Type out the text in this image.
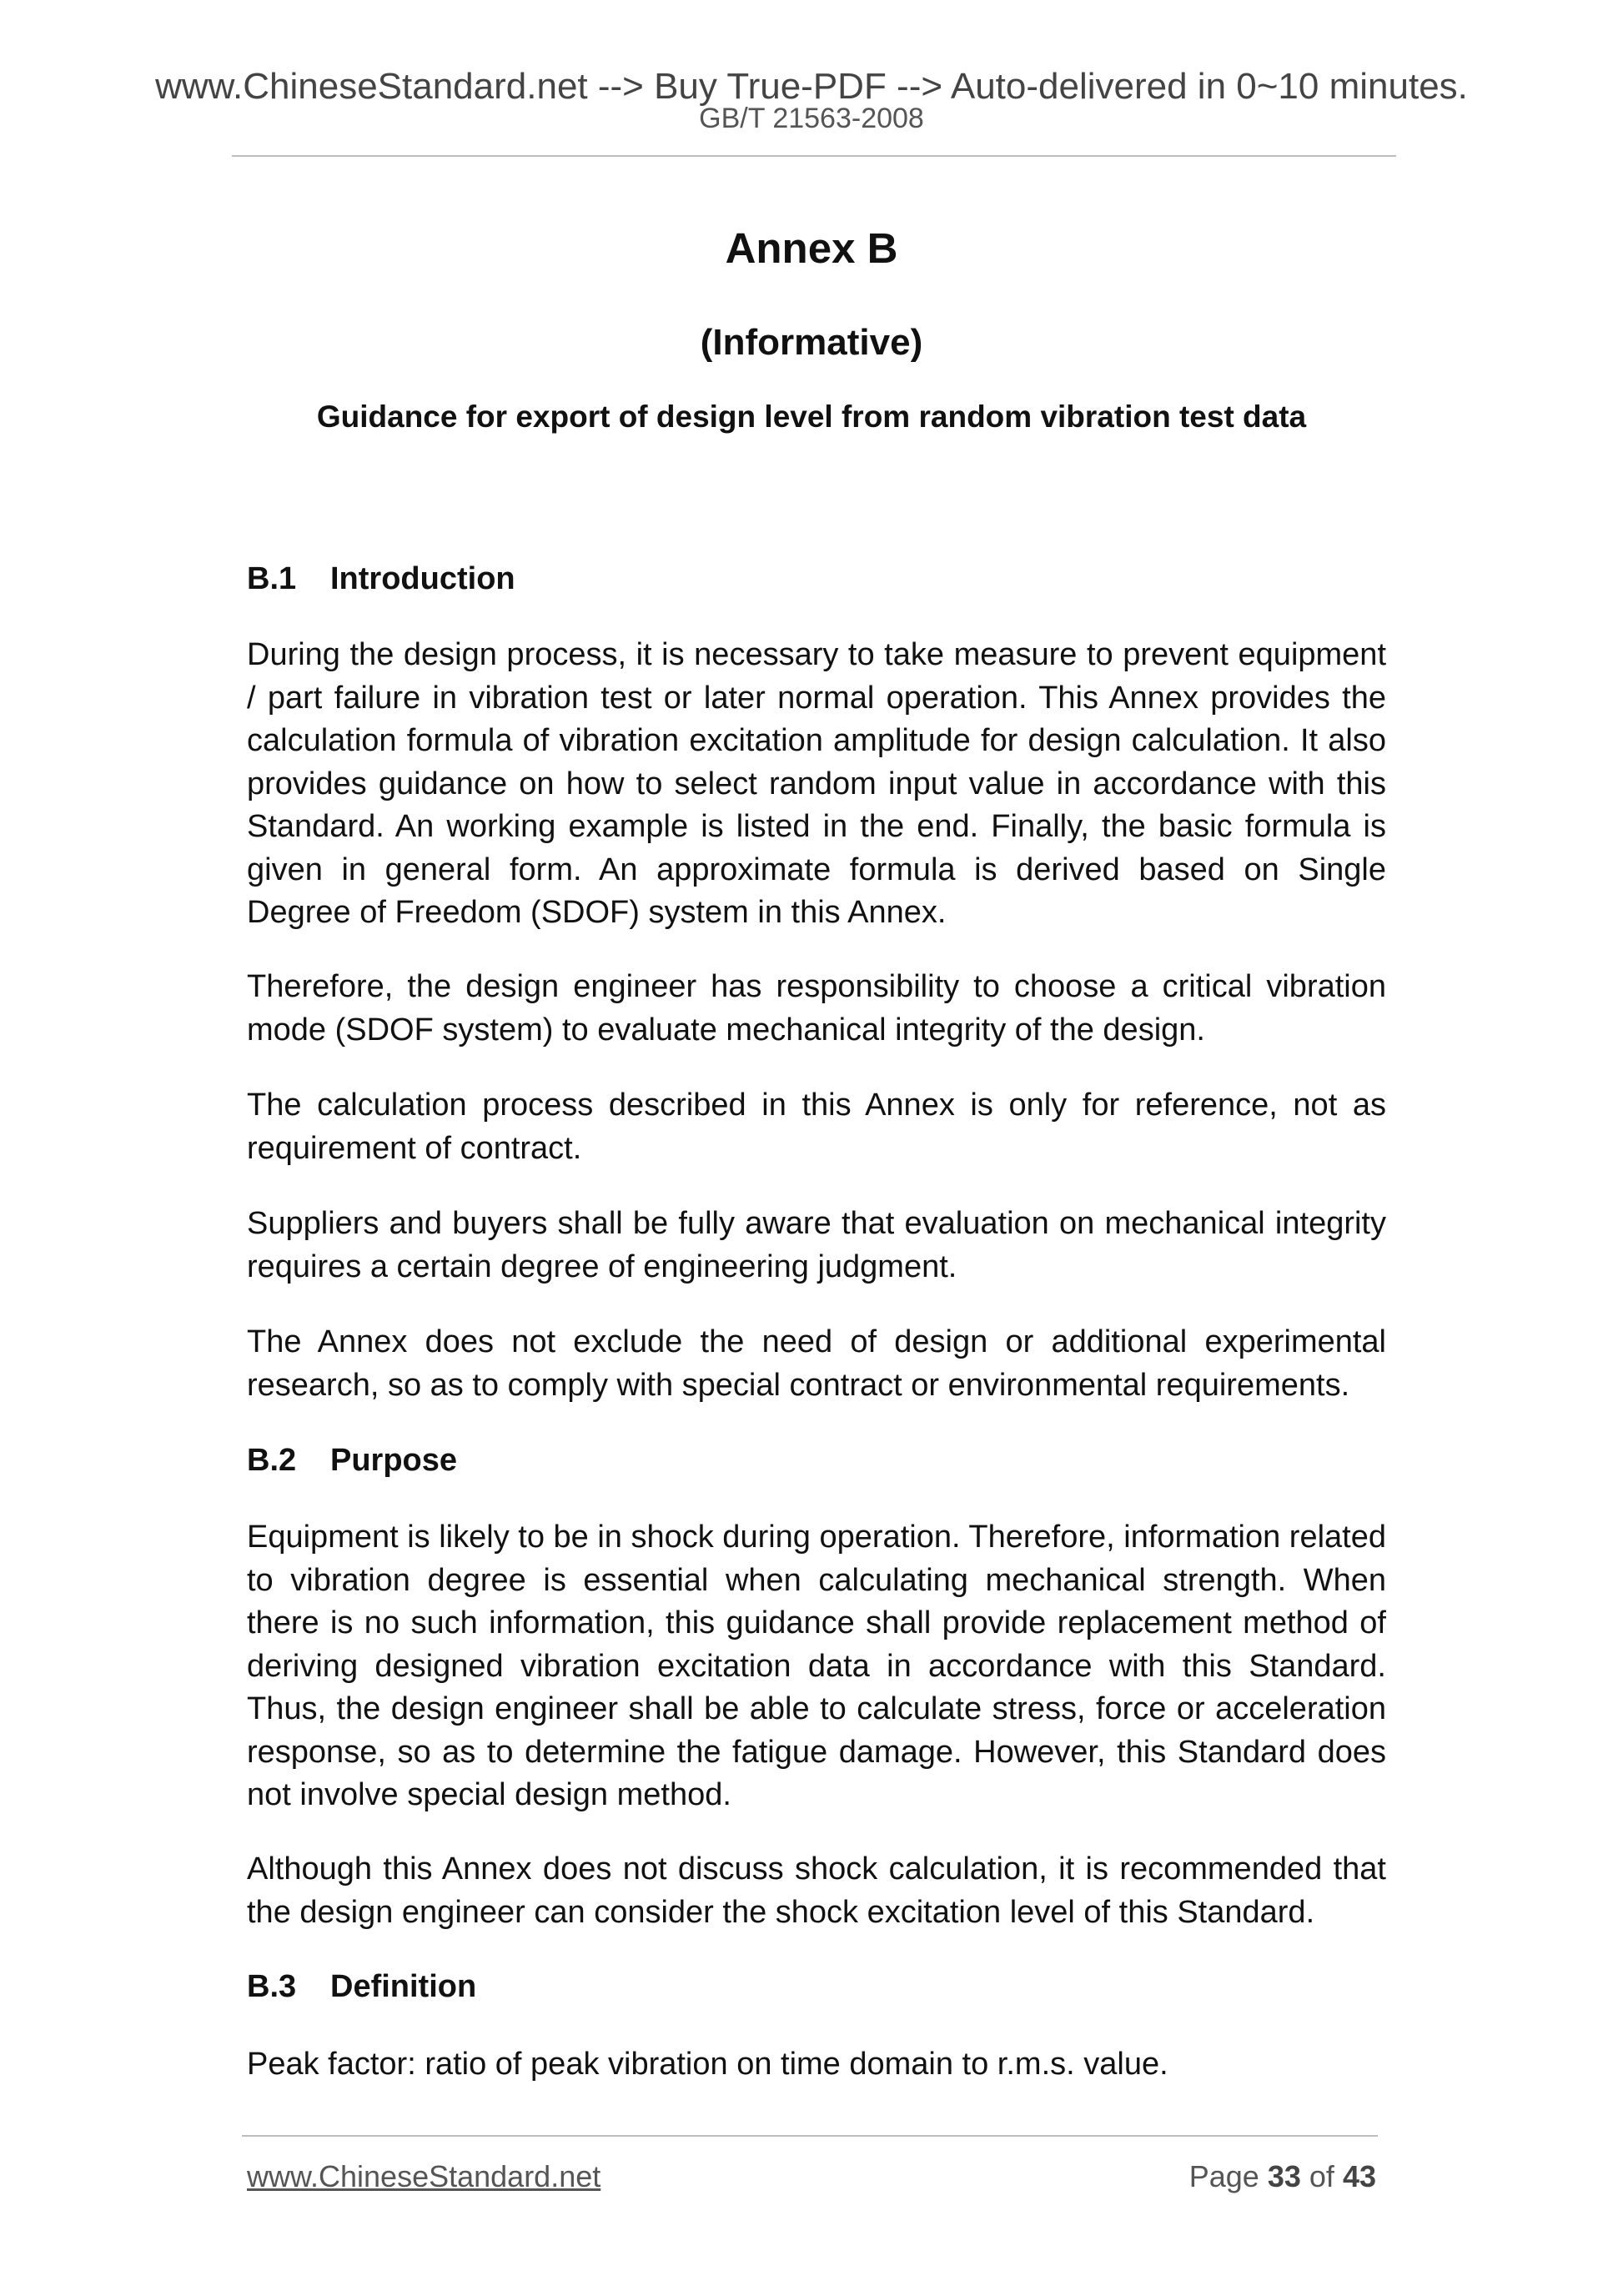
www.ChineseStandard.net --> Buy True-PDF --> Auto-delivered in 0~10 minutes.
GB/T 21563-2008
Annex B
(Informative)
Guidance for export of design level from random vibration test data
B.1 Introduction
During the design process, it is necessary to take measure to prevent equipment / part failure in vibration test or later normal operation. This Annex provides the calculation formula of vibration excitation amplitude for design calculation. It also provides guidance on how to select random input value in accordance with this Standard. An working example is listed in the end. Finally, the basic formula is given in general form. An approximate formula is derived based on Single Degree of Freedom (SDOF) system in this Annex.
Therefore, the design engineer has responsibility to choose a critical vibration mode (SDOF system) to evaluate mechanical integrity of the design.
The calculation process described in this Annex is only for reference, not as requirement of contract.
Suppliers and buyers shall be fully aware that evaluation on mechanical integrity requires a certain degree of engineering judgment.
The Annex does not exclude the need of design or additional experimental research, so as to comply with special contract or environmental requirements.
B.2 Purpose
Equipment is likely to be in shock during operation. Therefore, information related to vibration degree is essential when calculating mechanical strength. When there is no such information, this guidance shall provide replacement method of deriving designed vibration excitation data in accordance with this Standard. Thus, the design engineer shall be able to calculate stress, force or acceleration response, so as to determine the fatigue damage. However, this Standard does not involve special design method.
Although this Annex does not discuss shock calculation, it is recommended that the design engineer can consider the shock excitation level of this Standard.
B.3 Definition
Peak factor: ratio of peak vibration on time domain to r.m.s. value.
www.ChineseStandard.net	Page 33 of 43
